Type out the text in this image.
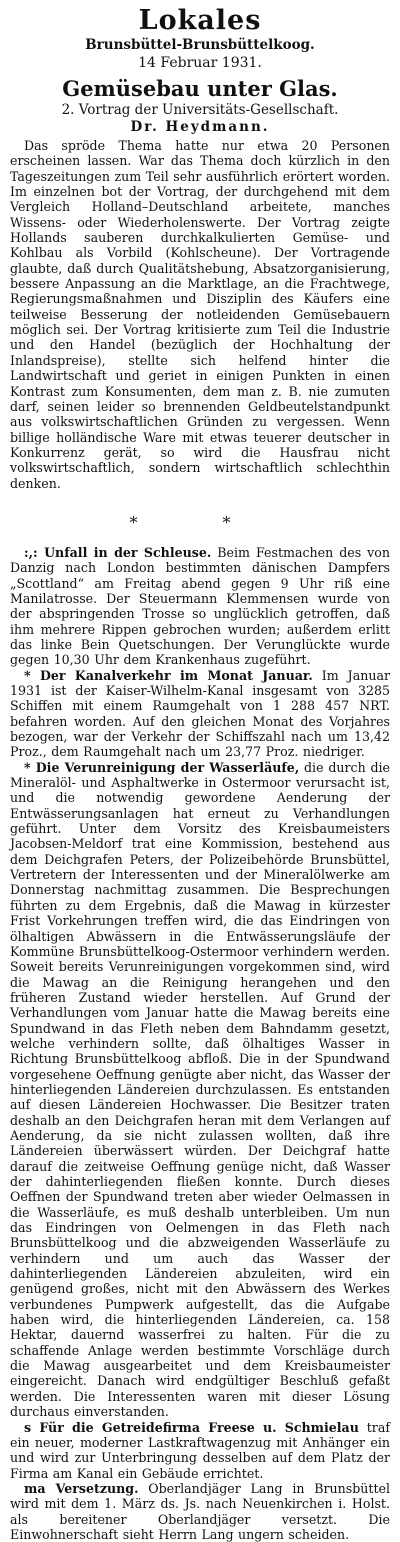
Lokales
Brunsbüttel-Brunsbüttelkoog.
14 Februar 1931.
Gemüsebau unter Glas.
2. Vortrag der Universitäts-Gesellschaft.
Dr. Heydmann.

Das spröde Thema hatte nur etwa 20 Personen erscheinen lassen. War das Thema doch kürzlich in den Tageszeitungen zum Teil sehr ausführlich erörtert worden. Im einzelnen bot der Vortrag, der durchgehend mit dem Vergleich Holland–Deutschland arbeitete, manches Wissens- oder Wiederholenswerte. Der Vortrag zeigte Hollands sauberen durchkalkulierten Gemüse- und Kohlbau als Vorbild (Kohlscheune). Der Vortragende glaubte, daß durch Qualitätshebung, Absatzorganisierung, bessere Anpassung an die Marktlage, an die Frachtwege, Regierungsmaßnahmen und Disziplin des Käufers eine teilweise Besserung der notleidenden Gemüsebauern möglich sei. Der Vortrag kritisierte zum Teil die Industrie und den Handel (bezüglich der Hochhaltung der Inlandspreise), stellte sich helfend hinter die Landwirtschaft und geriet in einigen Punkten in einen Kontrast zum Konsumenten, dem man z. B. nie zumuten darf, seinen leider so brennenden Geldbeutelstandpunkt aus volkswirtschaftlichen Gründen zu vergessen. Wenn billige holländische Ware mit etwas teuerer deutscher in Konkurrenz gerät, so wird die Hausfrau nicht volkswirtschaftlich, sondern wirtschaftlich schlechthin denken.

* *

:,: Unfall in der Schleuse. Beim Festmachen des von Danzig nach London bestimmten dänischen Dampfers „Scottland“ am Freitag abend gegen 9 Uhr riß eine Manilatrosse. Der Steuermann Klemmensen wurde von der abspringenden Trosse so unglücklich getroffen, daß ihm mehrere Rippen gebrochen wurden; außerdem erlitt das linke Bein Quetschungen. Der Verunglückte wurde gegen 10,30 Uhr dem Krankenhaus zugeführt.

* Der Kanalverkehr im Monat Januar. Im Januar 1931 ist der Kaiser-Wilhelm-Kanal insgesamt von 3285 Schiffen mit einem Raumgehalt von 1 288 457 NRT. befahren worden. Auf den gleichen Monat des Vorjahres bezogen, war der Verkehr der Schiffszahl nach um 13,42 Proz., dem Raumgehalt nach um 23,77 Proz. niedriger.

* Die Verunreinigung der Wasserläufe, die durch die Mineralöl- und Asphaltwerke in Ostermoor verursacht ist, und die notwendig gewordene Aenderung der Entwässerungsanlagen hat erneut zu Verhandlungen geführt. Unter dem Vorsitz des Kreisbaumeisters Jacobsen-Meldorf trat eine Kommission, bestehend aus dem Deichgrafen Peters, der Polizeibehörde Brunsbüttel, Vertretern der Interessenten und der Mineralölwerke am Donnerstag nachmittag zusammen. Die Besprechungen führten zu dem Ergebnis, daß die Mawag in kürzester Frist Vorkehrungen treffen wird, die das Eindringen von ölhaltigen Abwässern in die Entwässerungsläufe der Kommüne Brunsbüttelkoog-Ostermoor verhindern werden. Soweit bereits Verunreinigungen vorgekommen sind, wird die Mawag an die Reinigung herangehen und den früheren Zustand wieder herstellen. Auf Grund der Verhandlungen vom Januar hatte die Mawag bereits eine Spundwand in das Fleth neben dem Bahndamm gesetzt, welche verhindern sollte, daß ölhaltiges Wasser in Richtung Brunsbüttelkoog abfloß. Die in der Spundwand vorgesehene Oeffnung genügte aber nicht, das Wasser der hinterliegenden Ländereien durchzulassen. Es entstanden auf diesen Ländereien Hochwasser. Die Besitzer traten deshalb an den Deichgrafen heran mit dem Verlangen auf Aenderung, da sie nicht zulassen wollten, daß ihre Ländereien überwässert würden. Der Deichgraf hatte darauf die zeitweise Oeffnung genüge nicht, daß Wasser der dahinterliegenden fließen konnte. Durch dieses Oeffnen der Spundwand treten aber wieder Oelmassen in die Wasserläufe, es muß deshalb unterbleiben. Um nun das Eindringen von Oelmengen in das Fleth nach Brunsbüttelkoog und die abzweigenden Wasserläufe zu verhindern und um auch das Wasser der dahinterliegenden Ländereien abzuleiten, wird ein genügend großes, nicht mit den Abwässern des Werkes verbundenes Pumpwerk aufgestellt, das die Aufgabe haben wird, die hinterliegenden Ländereien, ca. 158 Hektar, dauernd wasserfrei zu halten. Für die zu schaffende Anlage werden bestimmte Vorschläge durch die Mawag ausgearbeitet und dem Kreisbaumeister eingereicht. Danach wird endgültiger Beschluß gefaßt werden. Die Interessenten waren mit dieser Lösung durchaus einverstanden.

s Für die Getreidefirma Freese u. Schmielau traf ein neuer, moderner Lastkraftwagenzug mit Anhänger ein und wird zur Unterbringung desselben auf dem Platz der Firma am Kanal ein Gebäude errichtet.

ma Versetzung. Oberlandjäger Lang in Brunsbüttel wird mit dem 1. März ds. Js. nach Neuenkirchen i. Holst. als bereitener Oberlandjäger versetzt. Die Einwohnerschaft sieht Herrn Lang ungern scheiden.
